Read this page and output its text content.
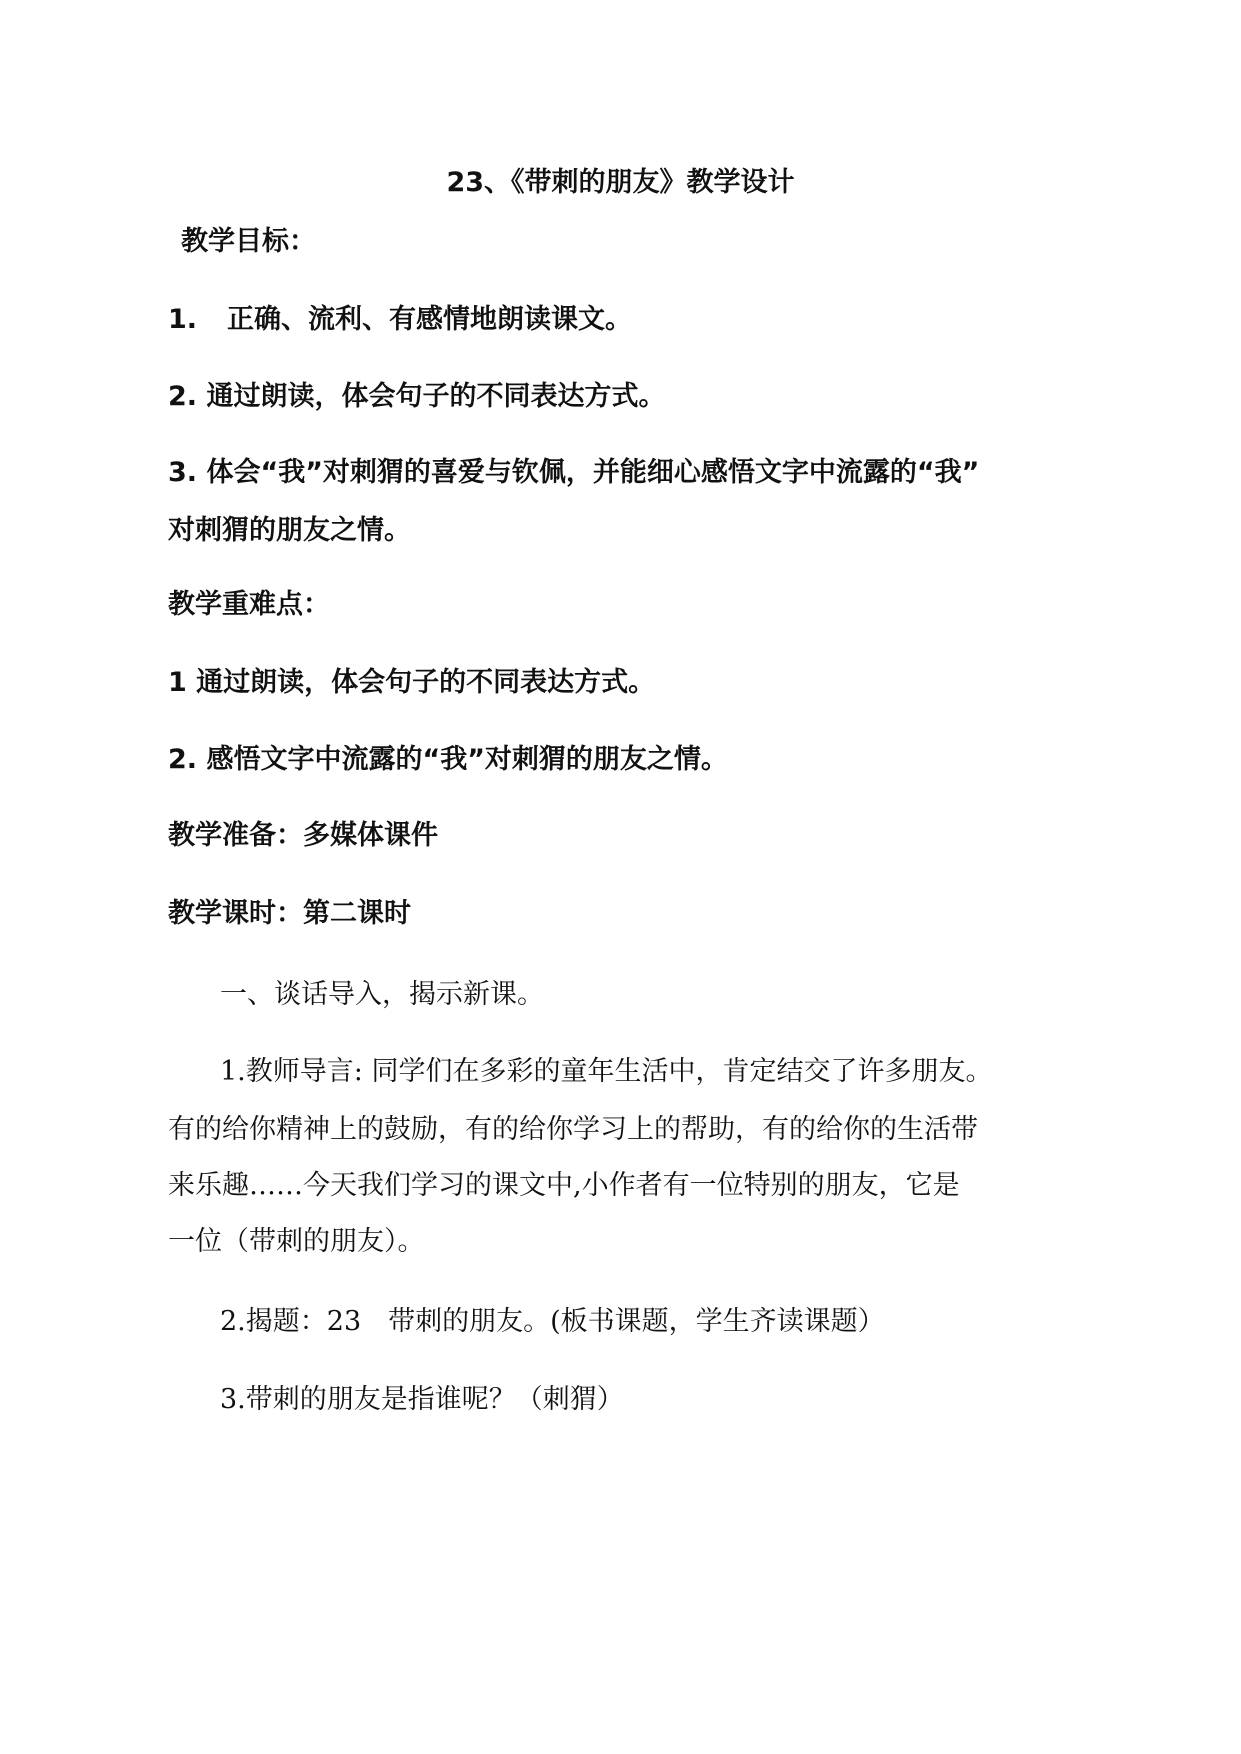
23、《带刺的朋友》教学设计
教学目标：
1. 正确、流利、有感情地朗读课文。
2. 通过朗读，体会句子的不同表达方式。
3. 体会“我”对刺猬的喜爱与钦佩，并能细心感悟文字中流露的“我”
对刺猬的朋友之情。
教学重难点：
1 通过朗读，体会句子的不同表达方式。
2. 感悟文字中流露的“我”对刺猬的朋友之情。
教学准备：多媒体课件
教学课时：第二课时
一、谈话导入，揭示新课。
1.教师导言: 同学们在多彩的童年生活中，肯定结交了许多朋友。
有的给你精神上的鼓励，有的给你学习上的帮助，有的给你的生活带
来乐趣……今天我们学习的课文中,小作者有一位特别的朋友，它是
一位（带刺的朋友）。
2.揭题：23　带刺的朋友。(板书课题，学生齐读课题）
3.带刺的朋友是指谁呢？（刺猬）
